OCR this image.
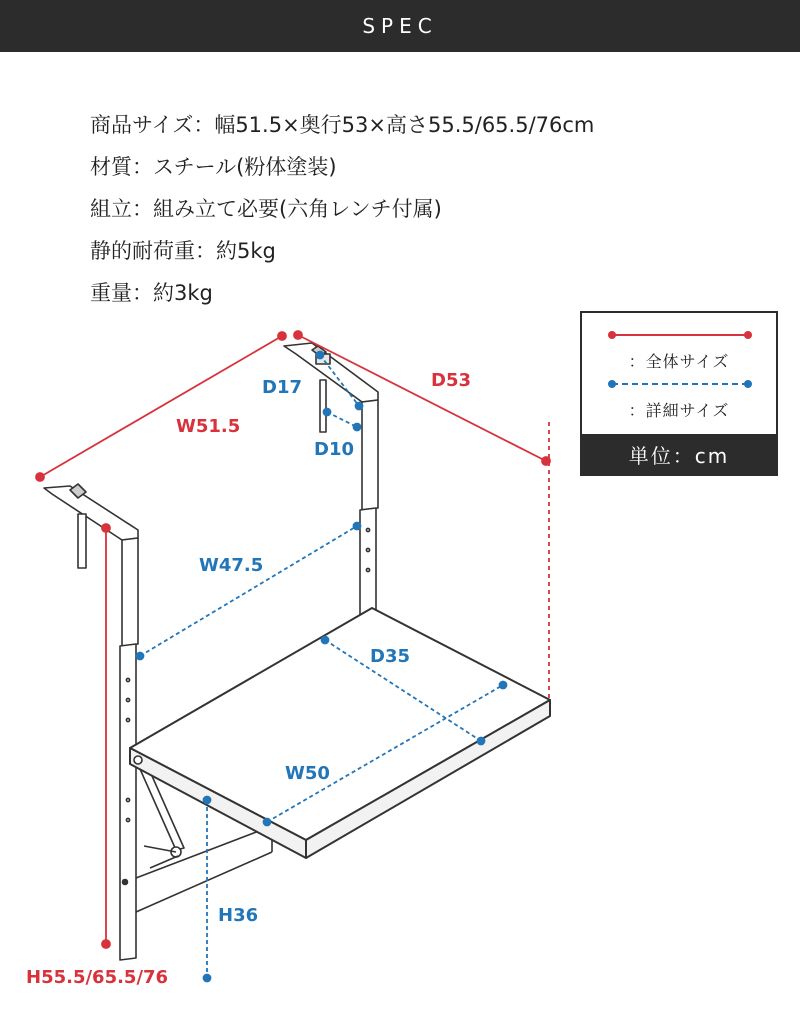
SPEC
商品サイズ：幅51.5×奥行53×高さ55.5/65.5/76cm
材質：スチール(粉体塗装)
組立：組み立て必要(六角レンチ付属)
静的耐荷重：約5kg
重量：約3kg
W51.5
D53
H55.5/65.5/76
D17
D10
W47.5
D35
W50
H36
：全体サイズ
：詳細サイズ
単位：cm
